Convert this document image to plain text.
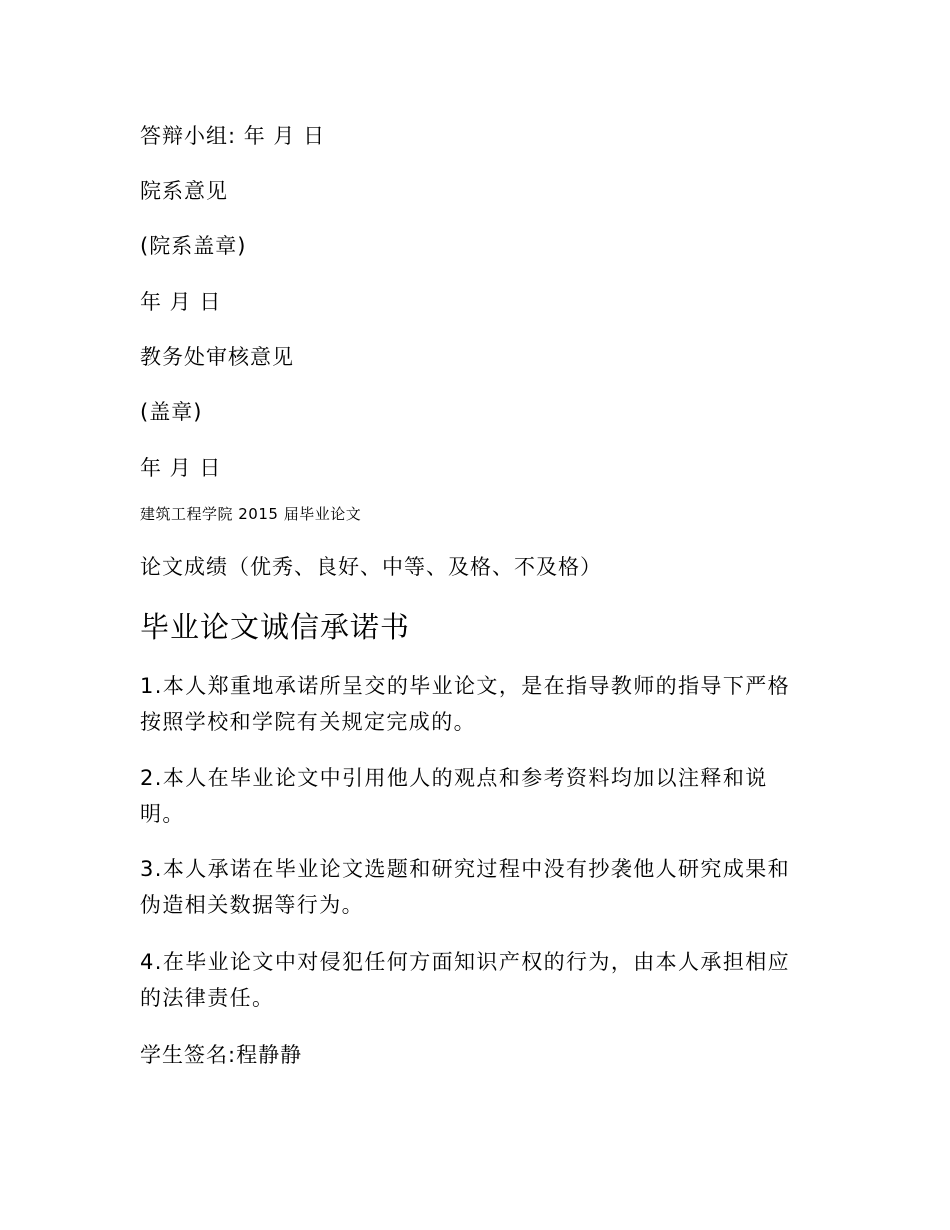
答辩小组: 年 月 日

院系意见

(院系盖章)

年 月 日

教务处审核意见

(盖章)

年 月 日

建筑工程学院 2015 届毕业论文

论文成绩（优秀、良好、中等、及格、不及格）

毕业论文诚信承诺书

1.本人郑重地承诺所呈交的毕业论文，是在指导教师的指导下严格按照学校和学院有关规定完成的。

2.本人在毕业论文中引用他人的观点和参考资料均加以注释和说明。

3.本人承诺在毕业论文选题和研究过程中没有抄袭他人研究成果和伪造相关数据等行为。

4.在毕业论文中对侵犯任何方面知识产权的行为，由本人承担相应的法律责任。

学生签名:程静静
